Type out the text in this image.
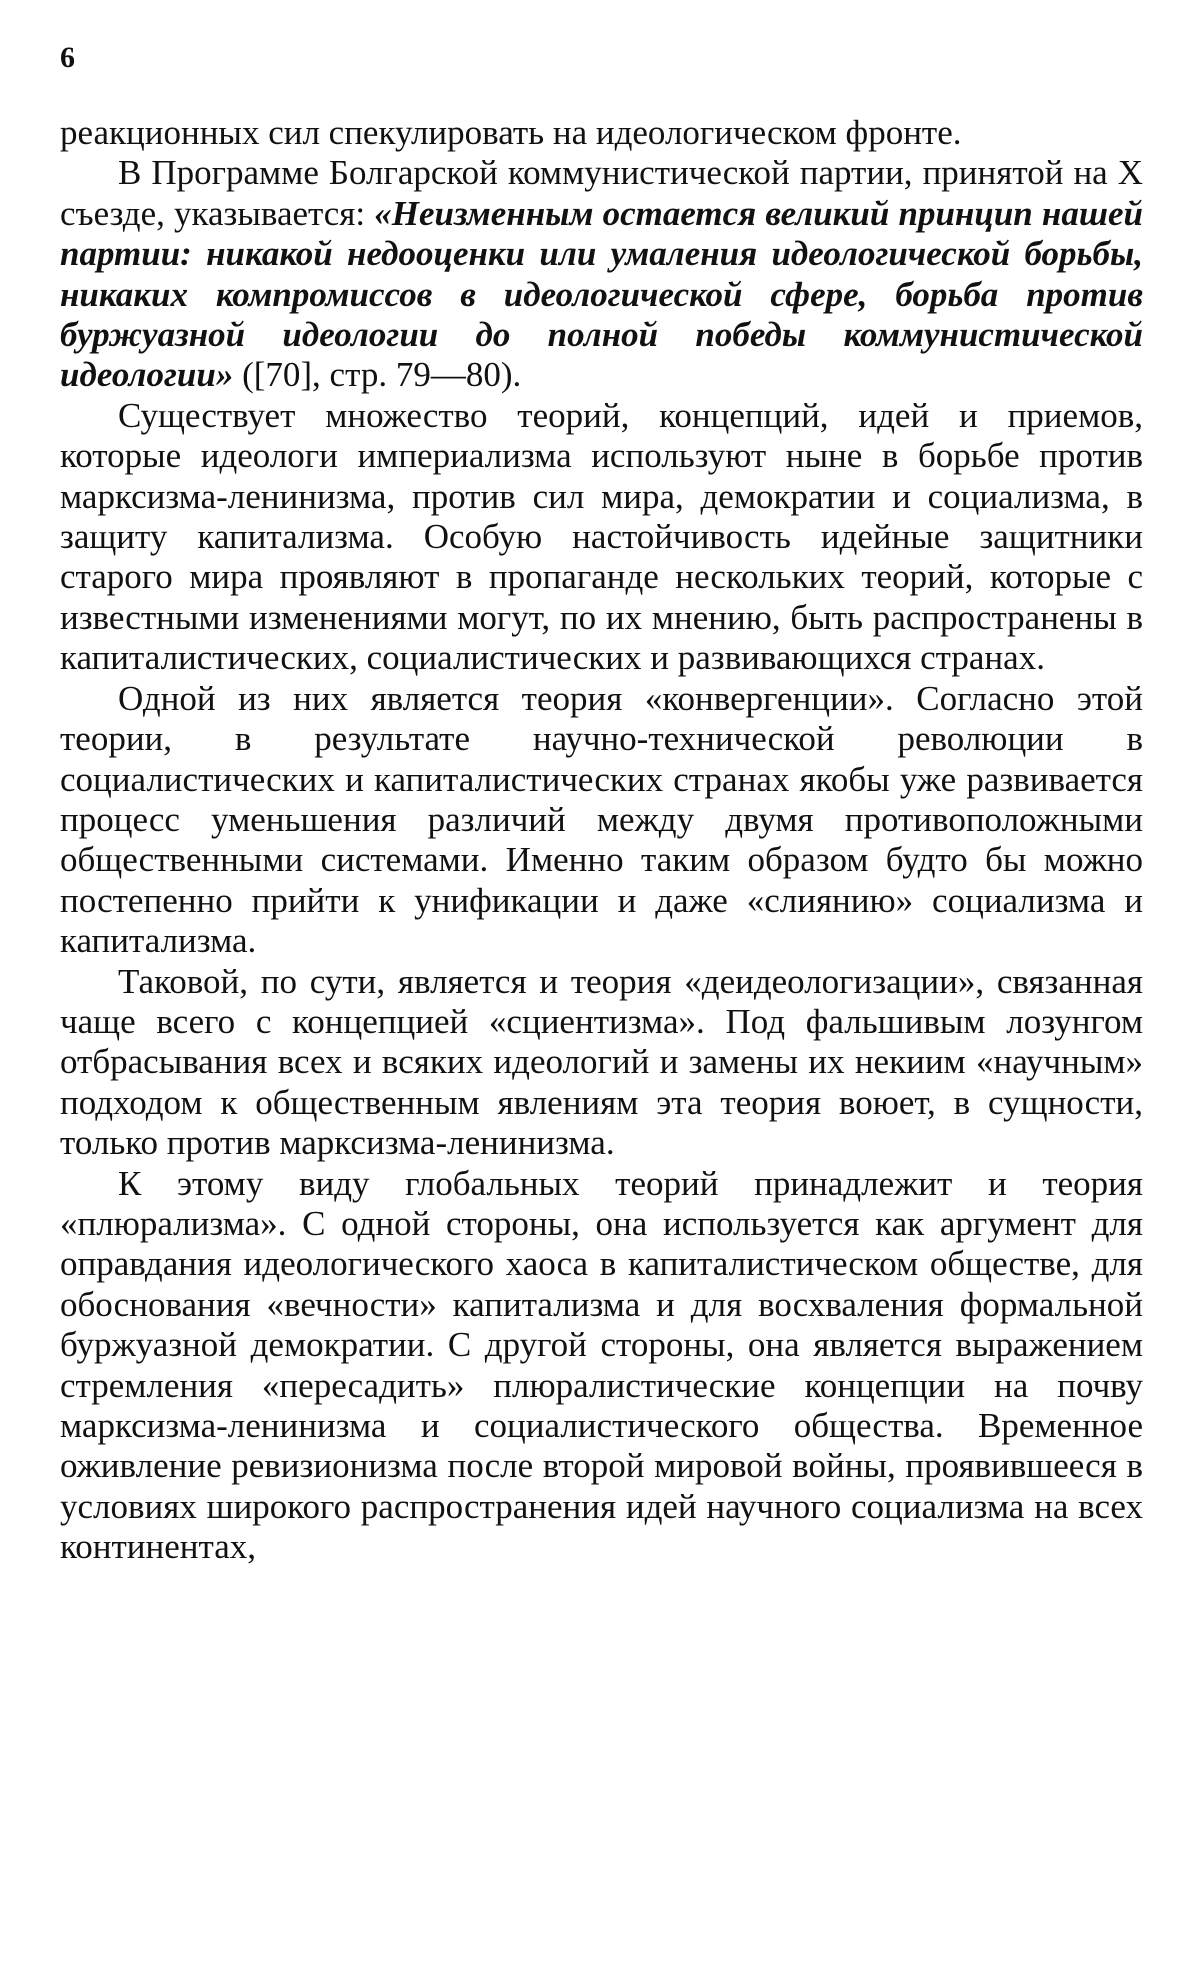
6

реакционных сил спекулировать на идеологическом фронте.

В Программе Болгарской коммунистической партии, принятой на X съезде, указывается: «Неизменным остается великий принцип нашей партии: никакой недооценки или умаления идеологической борьбы, никаких компромиссов в идеологической сфере, борьба против буржуазной идеологии до полной победы коммунистической идеологии» ([70], стр. 79—80).

Существует множество теорий, концепций, идей и приемов, которые идеологи империализма используют ныне в борьбе против марксизма-ленинизма, против сил мира, демократии и социализма, в защиту капитализма. Особую настойчивость идейные защитники старого мира проявляют в пропаганде нескольких теорий, которые с известными изменениями могут, по их мнению, быть распространены в капиталистических, социалистических и развивающихся странах.

Одной из них является теория «конвергенции». Согласно этой теории, в результате научно-технической революции в социалистических и капиталистических странах якобы уже развивается процесс уменьшения различий между двумя противоположными общественными системами. Именно таким образом будто бы можно постепенно прийти к унификации и даже «слиянию» социализма и капитализма.

Таковой, по сути, является и теория «деидеологизации», связанная чаще всего с концепцией «сциентизма». Под фальшивым лозунгом отбрасывания всех и всяких идеологий и замены их некиим «научным» подходом к общественным явлениям эта теория воюет, в сущности, только против марксизма-ленинизма.

К этому виду глобальных теорий принадлежит и теория «плюрализма». С одной стороны, она используется как аргумент для оправдания идеологического хаоса в капиталистическом обществе, для обоснования «вечности» капитализма и для восхваления формальной буржуазной демократии. С другой стороны, она является выражением стремления «пересадить» плюралистические концепции на почву марксизма-ленинизма и социалистического общества. Временное оживление ревизионизма после второй мировой войны, проявившееся в условиях широкого распространения идей научного социализма на всех континентах,
